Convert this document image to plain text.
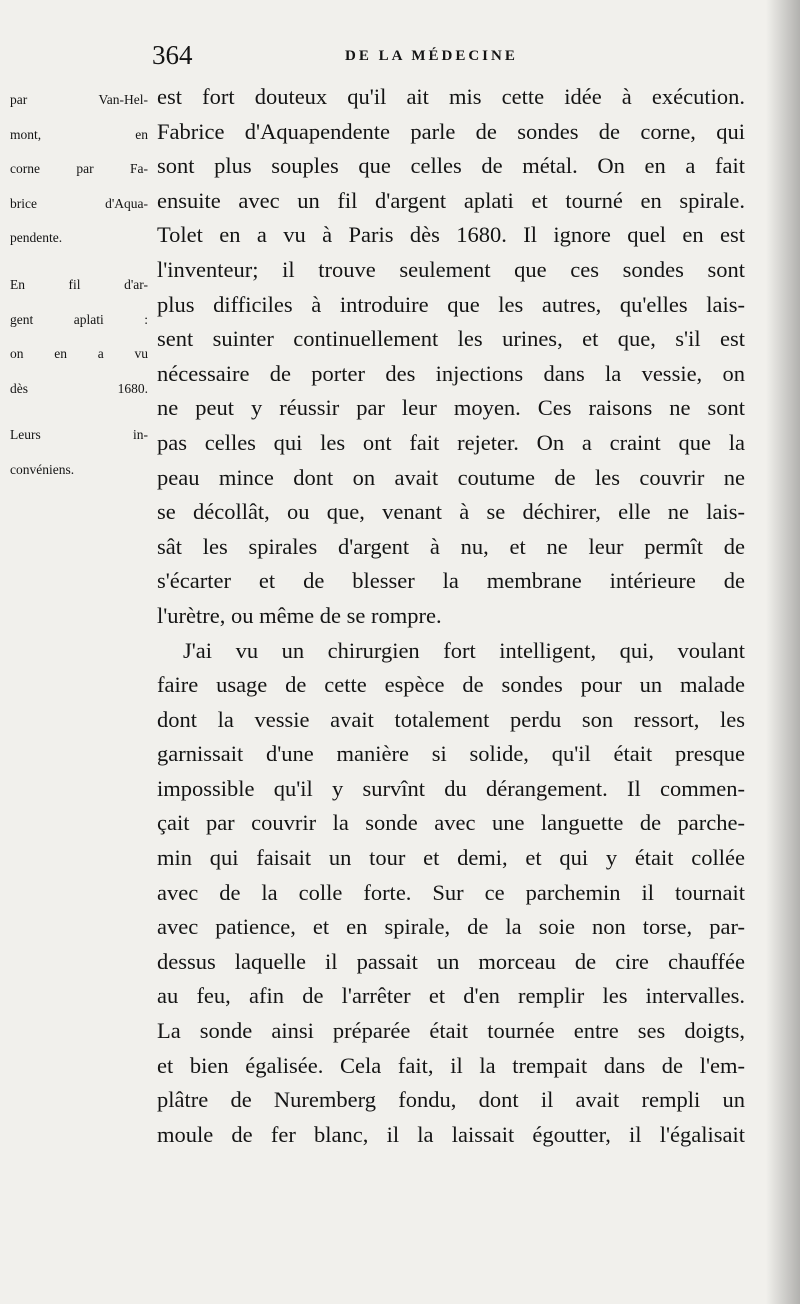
364	DE LA MÉDECINE
par Van-Hel-
mont, en
corne par Fa-
brice d'Aqua-
pendente.
En fil d'ar-
gent aplati :
on en a vu
dès 1680.
Leurs in-
convéniens.
est fort douteux qu'il ait mis cette idée à exécution.
Fabrice d'Aquapendente parle de sondes de corne, qui
sont plus souples que celles de métal. On en a fait
ensuite avec un fil d'argent aplati et tourné en spirale.
Tolet en a vu à Paris dès 1680. Il ignore quel en est
l'inventeur; il trouve seulement que ces sondes sont
plus difficiles à introduire que les autres, qu'elles lais-
sent suinter continuellement les urines, et que, s'il est
nécessaire de porter des injections dans la vessie, on
ne peut y réussir par leur moyen. Ces raisons ne sont
pas celles qui les ont fait rejeter. On a craint que la
peau mince dont on avait coutume de les couvrir ne
se décollât, ou que, venant à se déchirer, elle ne lais-
sât les spirales d'argent à nu, et ne leur permît de
s'écarter et de blesser la membrane intérieure de
l'urètre, ou même de se rompre.
J'ai vu un chirurgien fort intelligent, qui, voulant
faire usage de cette espèce de sondes pour un malade
dont la vessie avait totalement perdu son ressort, les
garnissait d'une manière si solide, qu'il était presque
impossible qu'il y survînt du dérangement. Il commen-
çait par couvrir la sonde avec une languette de parche-
min qui faisait un tour et demi, et qui y était collée
avec de la colle forte. Sur ce parchemin il tournait
avec patience, et en spirale, de la soie non torse, par-
dessus laquelle il passait un morceau de cire chauffée
au feu, afin de l'arrêter et d'en remplir les intervalles.
La sonde ainsi préparée était tournée entre ses doigts,
et bien égalisée. Cela fait, il la trempait dans de l'em-
plâtre de Nuremberg fondu, dont il avait rempli un
moule de fer blanc, il la laissait égoutter, il l'égalisait
